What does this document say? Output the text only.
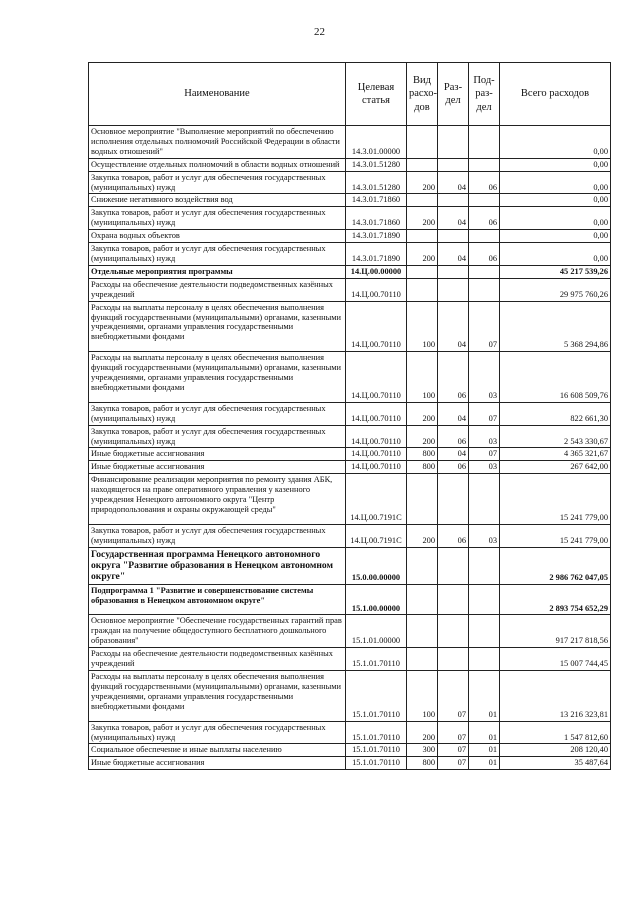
22
Наименование	Целевая статья	Вид расхо-дов	Раз-дел	Под-раз-дел	Всего расходов
Основное мероприятие "Выполнение мероприятий по обеспечению исполнения отдельных полномочий Российской Федерации в области водных отношений"	14.3.01.00000				0,00
Осуществление отдельных полномочий в области водных отношений	14.3.01.51280				0,00
Закупка товаров, работ и услуг для обеспечения государственных (муниципальных) нужд	14.3.01.51280	200	04	06	0,00
Снижение негативного воздействия вод	14.3.01.71860				0,00
Закупка товаров, работ и услуг для обеспечения государственных (муниципальных) нужд	14.3.01.71860	200	04	06	0,00
Охрана водных объектов	14.3.01.71890				0,00
Закупка товаров, работ и услуг для обеспечения государственных (муниципальных) нужд	14.3.01.71890	200	04	06	0,00
Отдельные мероприятия программы	14.Ц.00.00000				45 217 539,26
Расходы на обеспечение деятельности подведомственных казённых учреждений	14.Ц.00.70110				29 975 760,26
Расходы на выплаты персоналу в целях обеспечения выполнения функций государственными (муниципальными) органами, казенными учреждениями, органами управления государственными внебюджетными фондами	14.Ц.00.70110	100	04	07	5 368 294,86
Расходы на выплаты персоналу в целях обеспечения выполнения функций государственными (муниципальными) органами, казенными учреждениями, органами управления государственными внебюджетными фондами	14.Ц.00.70110	100	06	03	16 608 509,76
Закупка товаров, работ и услуг для обеспечения государственных (муниципальных) нужд	14.Ц.00.70110	200	04	07	822 661,30
Закупка товаров, работ и услуг для обеспечения государственных (муниципальных) нужд	14.Ц.00.70110	200	06	03	2 543 330,67
Иные бюджетные ассигнования	14.Ц.00.70110	800	04	07	4 365 321,67
Иные бюджетные ассигнования	14.Ц.00.70110	800	06	03	267 642,00
Финансирование реализации мероприятия по ремонту здания АБК, находящегося на праве оперативного управления у казенного учреждения Ненецкого автономного округа "Центр природопользования и охраны окружающей среды"	14.Ц.00.7191С				15 241 779,00
Закупка товаров, работ и услуг для обеспечения государственных (муниципальных) нужд	14.Ц.00.7191С	200	06	03	15 241 779,00
Государственная программа Ненецкого автономного округа "Развитие образования в Ненецком автономном округе"	15.0.00.00000				2 986 762 047,05
Подпрограмма 1 "Развитие и совершенствование системы образования в Ненецком автономном округе"	15.1.00.00000				2 893 754 652,29
Основное мероприятие "Обеспечение государственных гарантий прав граждан на получение общедоступного бесплатного дошкольного образования"	15.1.01.00000				917 217 818,56
Расходы на обеспечение деятельности подведомственных казённых учреждений	15.1.01.70110				15 007 744,45
Расходы на выплаты персоналу в целях обеспечения выполнения функций государственными (муниципальными) органами, казенными учреждениями, органами управления государственными внебюджетными фондами	15.1.01.70110	100	07	01	13 216 323,81
Закупка товаров, работ и услуг для обеспечения государственных (муниципальных) нужд	15.1.01.70110	200	07	01	1 547 812,60
Социальное обеспечение и иные выплаты населению	15.1.01.70110	300	07	01	208 120,40
Иные бюджетные ассигнования	15.1.01.70110	800	07	01	35 487,64
